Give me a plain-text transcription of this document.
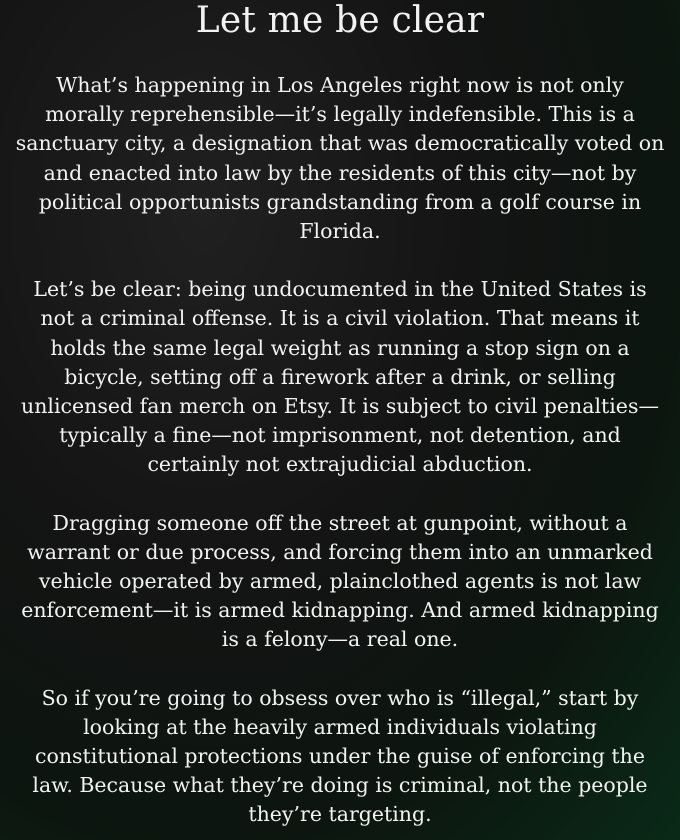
Let me be clear

What’s happening in Los Angeles right now is not only morally reprehensible—it’s legally indefensible. This is a sanctuary city, a designation that was democratically voted on and enacted into law by the residents of this city—not by political opportunists grandstanding from a golf course in Florida.

Let’s be clear: being undocumented in the United States is not a criminal offense. It is a civil violation. That means it holds the same legal weight as running a stop sign on a bicycle, setting off a firework after a drink, or selling unlicensed fan merch on Etsy. It is subject to civil penalties—typically a fine—not imprisonment, not detention, and certainly not extrajudicial abduction.

Dragging someone off the street at gunpoint, without a warrant or due process, and forcing them into an unmarked vehicle operated by armed, plainclothed agents is not law enforcement—it is armed kidnapping. And armed kidnapping is a felony—a real one.

So if you’re going to obsess over who is “illegal,” start by looking at the heavily armed individuals violating constitutional protections under the guise of enforcing the law. Because what they’re doing is criminal, not the people they’re targeting.
